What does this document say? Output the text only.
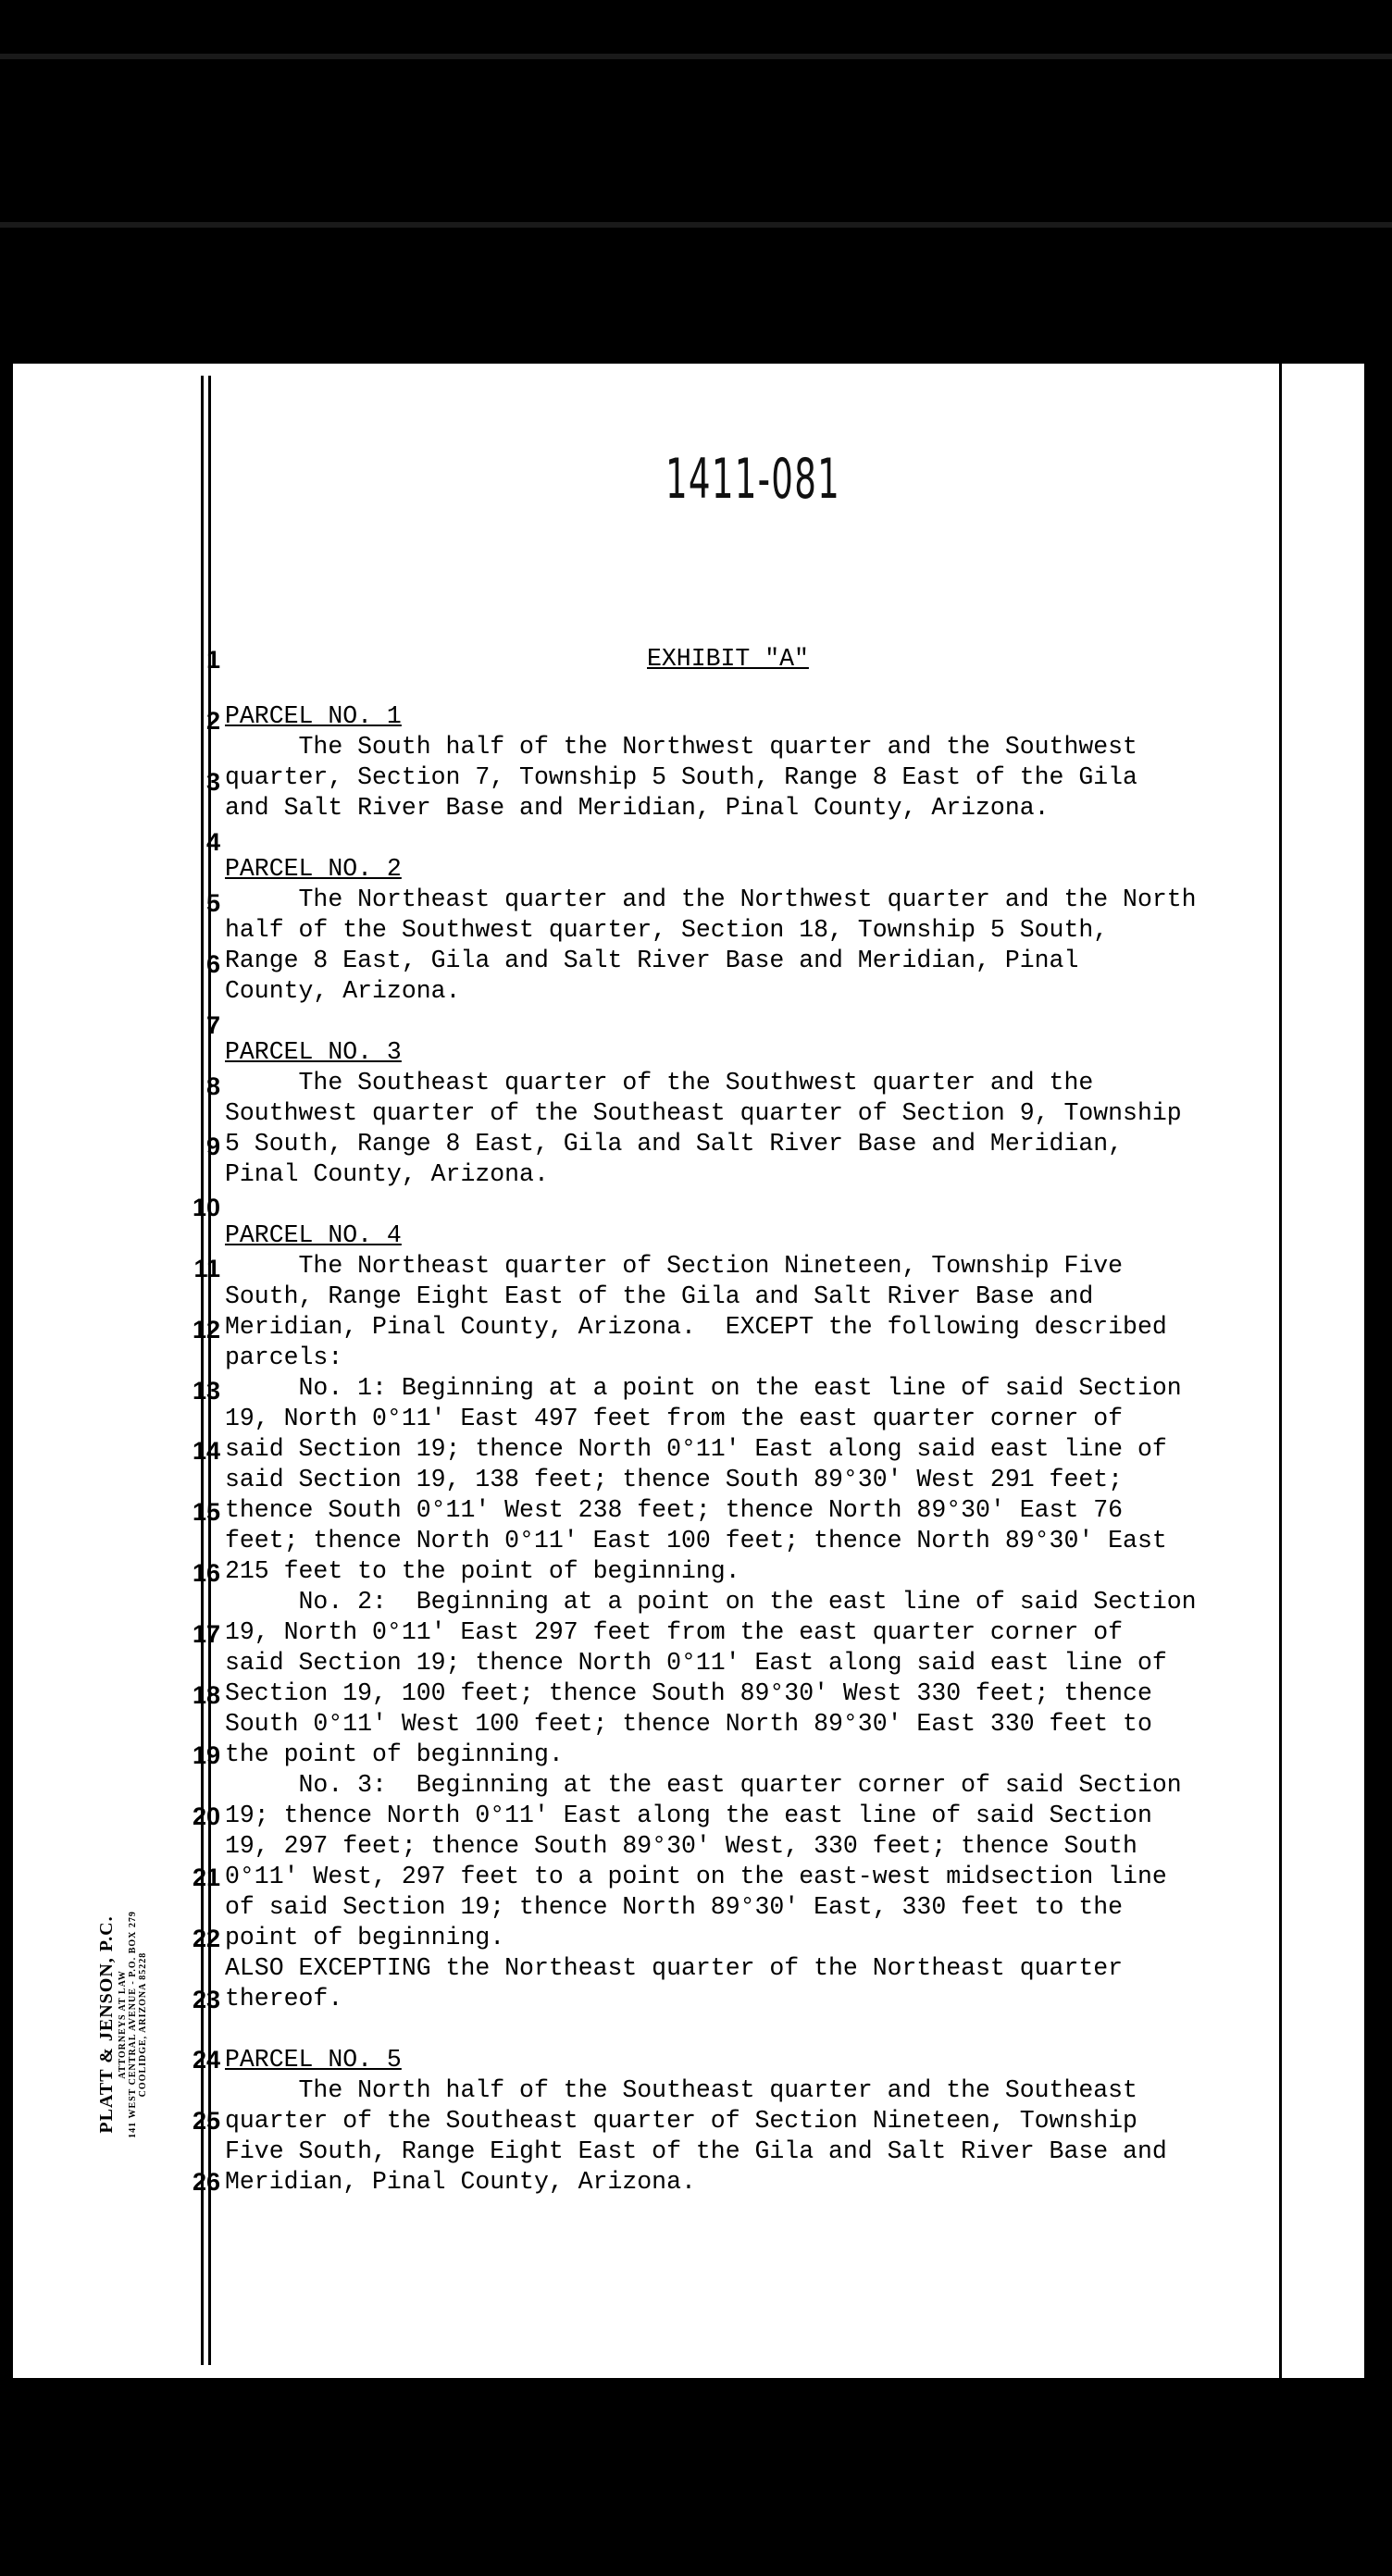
1411-081
1
2
3
4
5
6
7
8
9
10
11
12
13
14
15
16
17
18
19
20
21
22
23
24
25
26
EXHIBIT "A"
PARCEL NO. 1
The South half of the Northwest quarter and the Southwest
quarter, Section 7, Township 5 South, Range 8 East of the Gila
and Salt River Base and Meridian, Pinal County, Arizona.
PARCEL NO. 2
The Northeast quarter and the Northwest quarter and the North
half of the Southwest quarter, Section 18, Township 5 South,
Range 8 East, Gila and Salt River Base and Meridian, Pinal
County, Arizona.
PARCEL NO. 3
The Southeast quarter of the Southwest quarter and the
Southwest quarter of the Southeast quarter of Section 9, Township
5 South, Range 8 East, Gila and Salt River Base and Meridian,
Pinal County, Arizona.
PARCEL NO. 4
The Northeast quarter of Section Nineteen, Township Five
South, Range Eight East of the Gila and Salt River Base and
Meridian, Pinal County, Arizona.  EXCEPT the following described
parcels:
No. 1: Beginning at a point on the east line of said Section
19, North 0°11' East 497 feet from the east quarter corner of
said Section 19; thence North 0°11' East along said east line of
said Section 19, 138 feet; thence South 89°30' West 291 feet;
thence South 0°11' West 238 feet; thence North 89°30' East 76
feet; thence North 0°11' East 100 feet; thence North 89°30' East
215 feet to the point of beginning.
No. 2:  Beginning at a point on the east line of said Section
19, North 0°11' East 297 feet from the east quarter corner of
said Section 19; thence North 0°11' East along said east line of
Section 19, 100 feet; thence South 89°30' West 330 feet; thence
South 0°11' West 100 feet; thence North 89°30' East 330 feet to
the point of beginning.
No. 3:  Beginning at the east quarter corner of said Section
19; thence North 0°11' East along the east line of said Section
19, 297 feet; thence South 89°30' West, 330 feet; thence South
0°11' West, 297 feet to a point on the east-west midsection line
of said Section 19; thence North 89°30' East, 330 feet to the
point of beginning.
ALSO EXCEPTING the Northeast quarter of the Northeast quarter
thereof.
PARCEL NO. 5
The North half of the Southeast quarter and the Southeast
quarter of the Southeast quarter of Section Nineteen, Township
Five South, Range Eight East of the Gila and Salt River Base and
Meridian, Pinal County, Arizona.
PLATT & JENSON, P.C. ATTORNEYS AT LAW 141 WEST CENTRAL AVENUE - P.O. BOX 279 COOLIDGE, ARIZONA 85228
